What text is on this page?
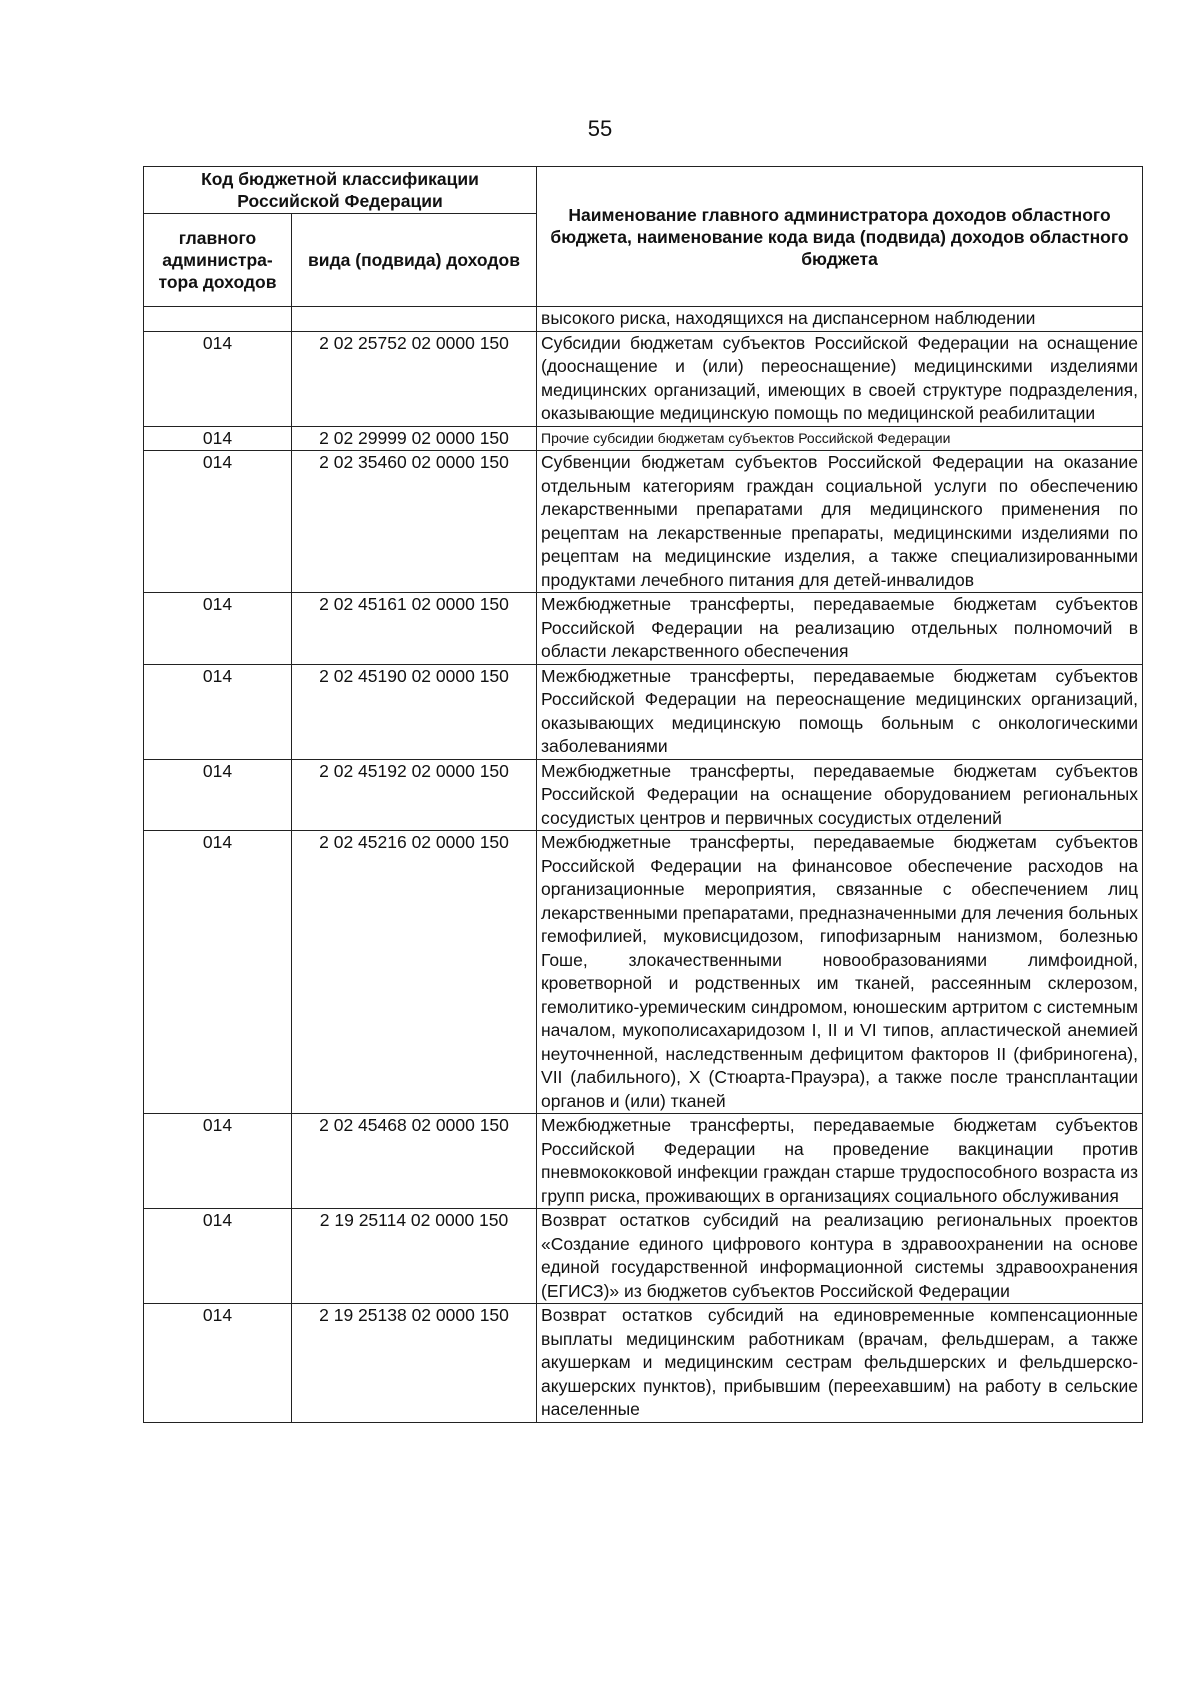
55
Код бюджетной классификации Российской Федерации		Наименование главного администратора доходов областного бюджета, наименование кода вида (подвида) доходов областного бюджета
главного администра-тора доходов	вида (подвида) доходов	
		высокого риска, находящихся на диспансерном наблюдении
014	2 02 25752 02 0000 150	Субсидии бюджетам субъектов Российской Федерации на оснащение (дооснащение и (или) переоснащение) медицинскими изделиями медицинских организаций, имеющих в своей структуре подразделения, оказывающие медицинскую помощь по медицинской реабилитации
014	2 02 29999 02 0000 150	Прочие субсидии бюджетам субъектов Российской Федерации
014	2 02 35460 02 0000 150	Субвенции бюджетам субъектов Российской Федерации на оказание отдельным категориям граждан социальной услуги по обеспечению лекарственными препаратами для медицинского применения по рецептам на лекарственные препараты, медицинскими изделиями по рецептам на медицинские изделия, а также специализированными продуктами лечебного питания для детей-инвалидов
014	2 02 45161 02 0000 150	Межбюджетные трансферты, передаваемые бюджетам субъектов Российской Федерации на реализацию отдельных полномочий в области лекарственного обеспечения
014	2 02 45190 02 0000 150	Межбюджетные трансферты, передаваемые бюджетам субъектов Российской Федерации на переоснащение медицинских организаций, оказывающих медицинскую помощь больным с онкологическими заболеваниями
014	2 02 45192 02 0000 150	Межбюджетные трансферты, передаваемые бюджетам субъектов Российской Федерации на оснащение оборудованием региональных сосудистых центров и первичных сосудистых отделений
014	2 02 45216 02 0000 150	Межбюджетные трансферты, передаваемые бюджетам субъектов Российской Федерации на финансовое обеспечение расходов на организационные мероприятия, связанные с обеспечением лиц лекарственными препаратами, предназначенными для лечения больных гемофилией, муковисцидозом, гипофизарным нанизмом, болезнью Гоше, злокачественными новообразованиями лимфоидной, кроветворной и родственных им тканей, рассеянным склерозом, гемолитико-уремическим синдромом, юношеским артритом с системным началом, мукополисахаридозом I, II и VI типов, апластической анемией неуточненной, наследственным дефицитом факторов II (фибриногена), VII (лабильного), X (Стюарта-Прауэра), а также после трансплантации органов и (или) тканей
014	2 02 45468 02 0000 150	Межбюджетные трансферты, передаваемые бюджетам субъектов Российской Федерации на проведение вакцинации против пневмококковой инфекции граждан старше трудоспособного возраста из групп риска, проживающих в организациях социального обслуживания
014	2 19 25114 02 0000 150	Возврат остатков субсидий на реализацию региональных проектов «Создание единого цифрового контура в здравоохранении на основе единой государственной информационной системы здравоохранения (ЕГИСЗ)» из бюджетов субъектов Российской Федерации
014	2 19 25138 02 0000 150	Возврат остатков субсидий на единовременные компенсационные выплаты медицинским работникам (врачам, фельдшерам, а также акушеркам и медицинским сестрам фельдшерских и фельдшерско-акушерских пунктов), прибывшим (переехавшим) на работу в сельские населенные
